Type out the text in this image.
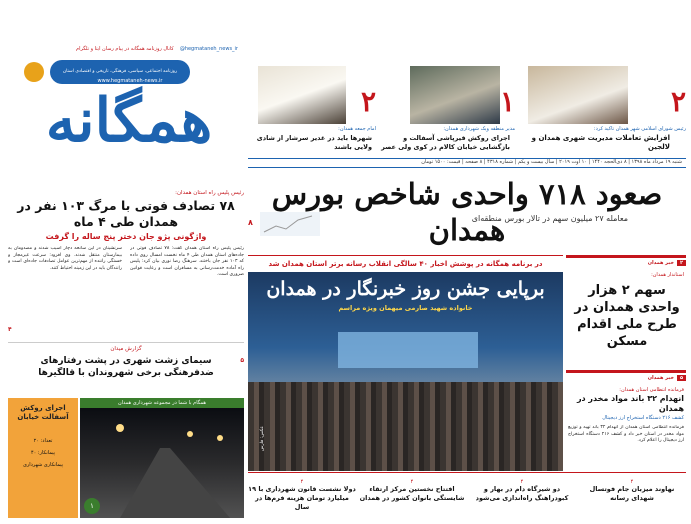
@hegmataneh_news_ir
کانال روزنامه همگانه در پیام رسان ایتا و تلگرام
روزنامه اجتماعی، سیاسی، فرهنگی، تاریخی و اقتصادی استان
همگانه
www.hegmataneh-news.ir
۲
رئیس شورای اسلامی شهر همدان تاکید کرد:
افزایش تعاملات مدیریت شهری همدان و لالجین
۱
مدیر منطقه ویک شهرداری همدان:
اجرای روکش قیرپاشی آسفالت و بازگشایی خیابان کالام در کوی ولی عصر
۲
امام جمعه همدان:
شهرها باید در غدیر سرشار از شادی ولایی باشند
شنبه ۱۹ مرداد ماه ۱۳۹۸ | ۸ ذی‌الحجه ۱۴۴۰ | ۱۰ اوت ۲۰۱۹ | سال بیست و یکم | شماره ۴۳۱۸ | ۸ صفحه | قیمت: ۱۵۰۰ تومان
صعود ۷۱۸ واحدی شاخص بورس همدان
معامله ۲۷ میلیون سهم در تالار بورس منطقه‌ای
۸
در برنامه همگانه در پوشش اخبار ۴۰ سالگی انقلاب رسانه برتر استان همدان شد
برپایی جشن روز خبرنگار در همدان
خانواده شهید صارمی میهمان ویژه مراسم
عکس: فارس
۲
خبر همدان
استاندار همدان:
سهم ۲ هزار واحدی همدان در طرح ملی اقدام مسکن
۵
خبر همدان
فرمانده انتظامی استان همدان:
انهدام ۳۲ باند مواد مخدر در همدان
کشف ۲۱۶ دستگاه استخراج ارز دیجیتال
فرمانده انتظامی استان همدان از انهدام ۳۲ باند تهیه و توزیع مواد مخدر در استان خبر داد و کشف ۲۱۶ دستگاه استخراج ارز دیجیتال را اعلام کرد.
رئیس پلیس راه استان همدان:
۷۸ تصادف فوتی با مرگ ۱۰۳ نفر در همدان طی ۴ ماه
واژگونی پژو جان دختر پنج ساله را گرفت
رئیس پلیس راه استان همدان گفت: ۷۸ تصادف فوتی در جاده‌های استان همدان طی ۴ ماه نخست امسال روی داده که ۱۰۳ نفر جان باختند. سرهنگ رضا نوری بیان کرد: پلیس راه آماده خدمت‌رسانی به مسافران است و رعایت قوانین ضروری است.
سرنشینان در این سانحه دچار آسیب شدند و مصدومان به بیمارستان منتقل شدند. وی افزود: سرعت غیرمجاز و خستگی راننده از مهم‌ترین عوامل تصادفات جاده‌ای است و رانندگان باید در این زمینه احتیاط کنند.
۴
گزارش میدان
سیمای زشت شهری در پشت رفتارهای ضدفرهنگی برخی شهروندان با قالگیرها
۵
همگام با شما در مجموعه شهرداری همدان
۱
اجرای روکش آسفالت خیابان
تعداد: ۲۰
پیمانکار: ۴۰
پیمانکاری شهرداری
۴
نهاوند میزبان جام فوتسال شهدای رسانه
۴
دو شیرگاه دام در بهار و کبودراهنگ راه‌اندازی می‌شود
۴
افتتاح نخستین مرکز ارتقاء شایستگی بانوان کشور در همدان
۴
دولا نشست قانون شهرداری با ۱۹ میلیارد تومان هزینه فرم‌ها در سال
